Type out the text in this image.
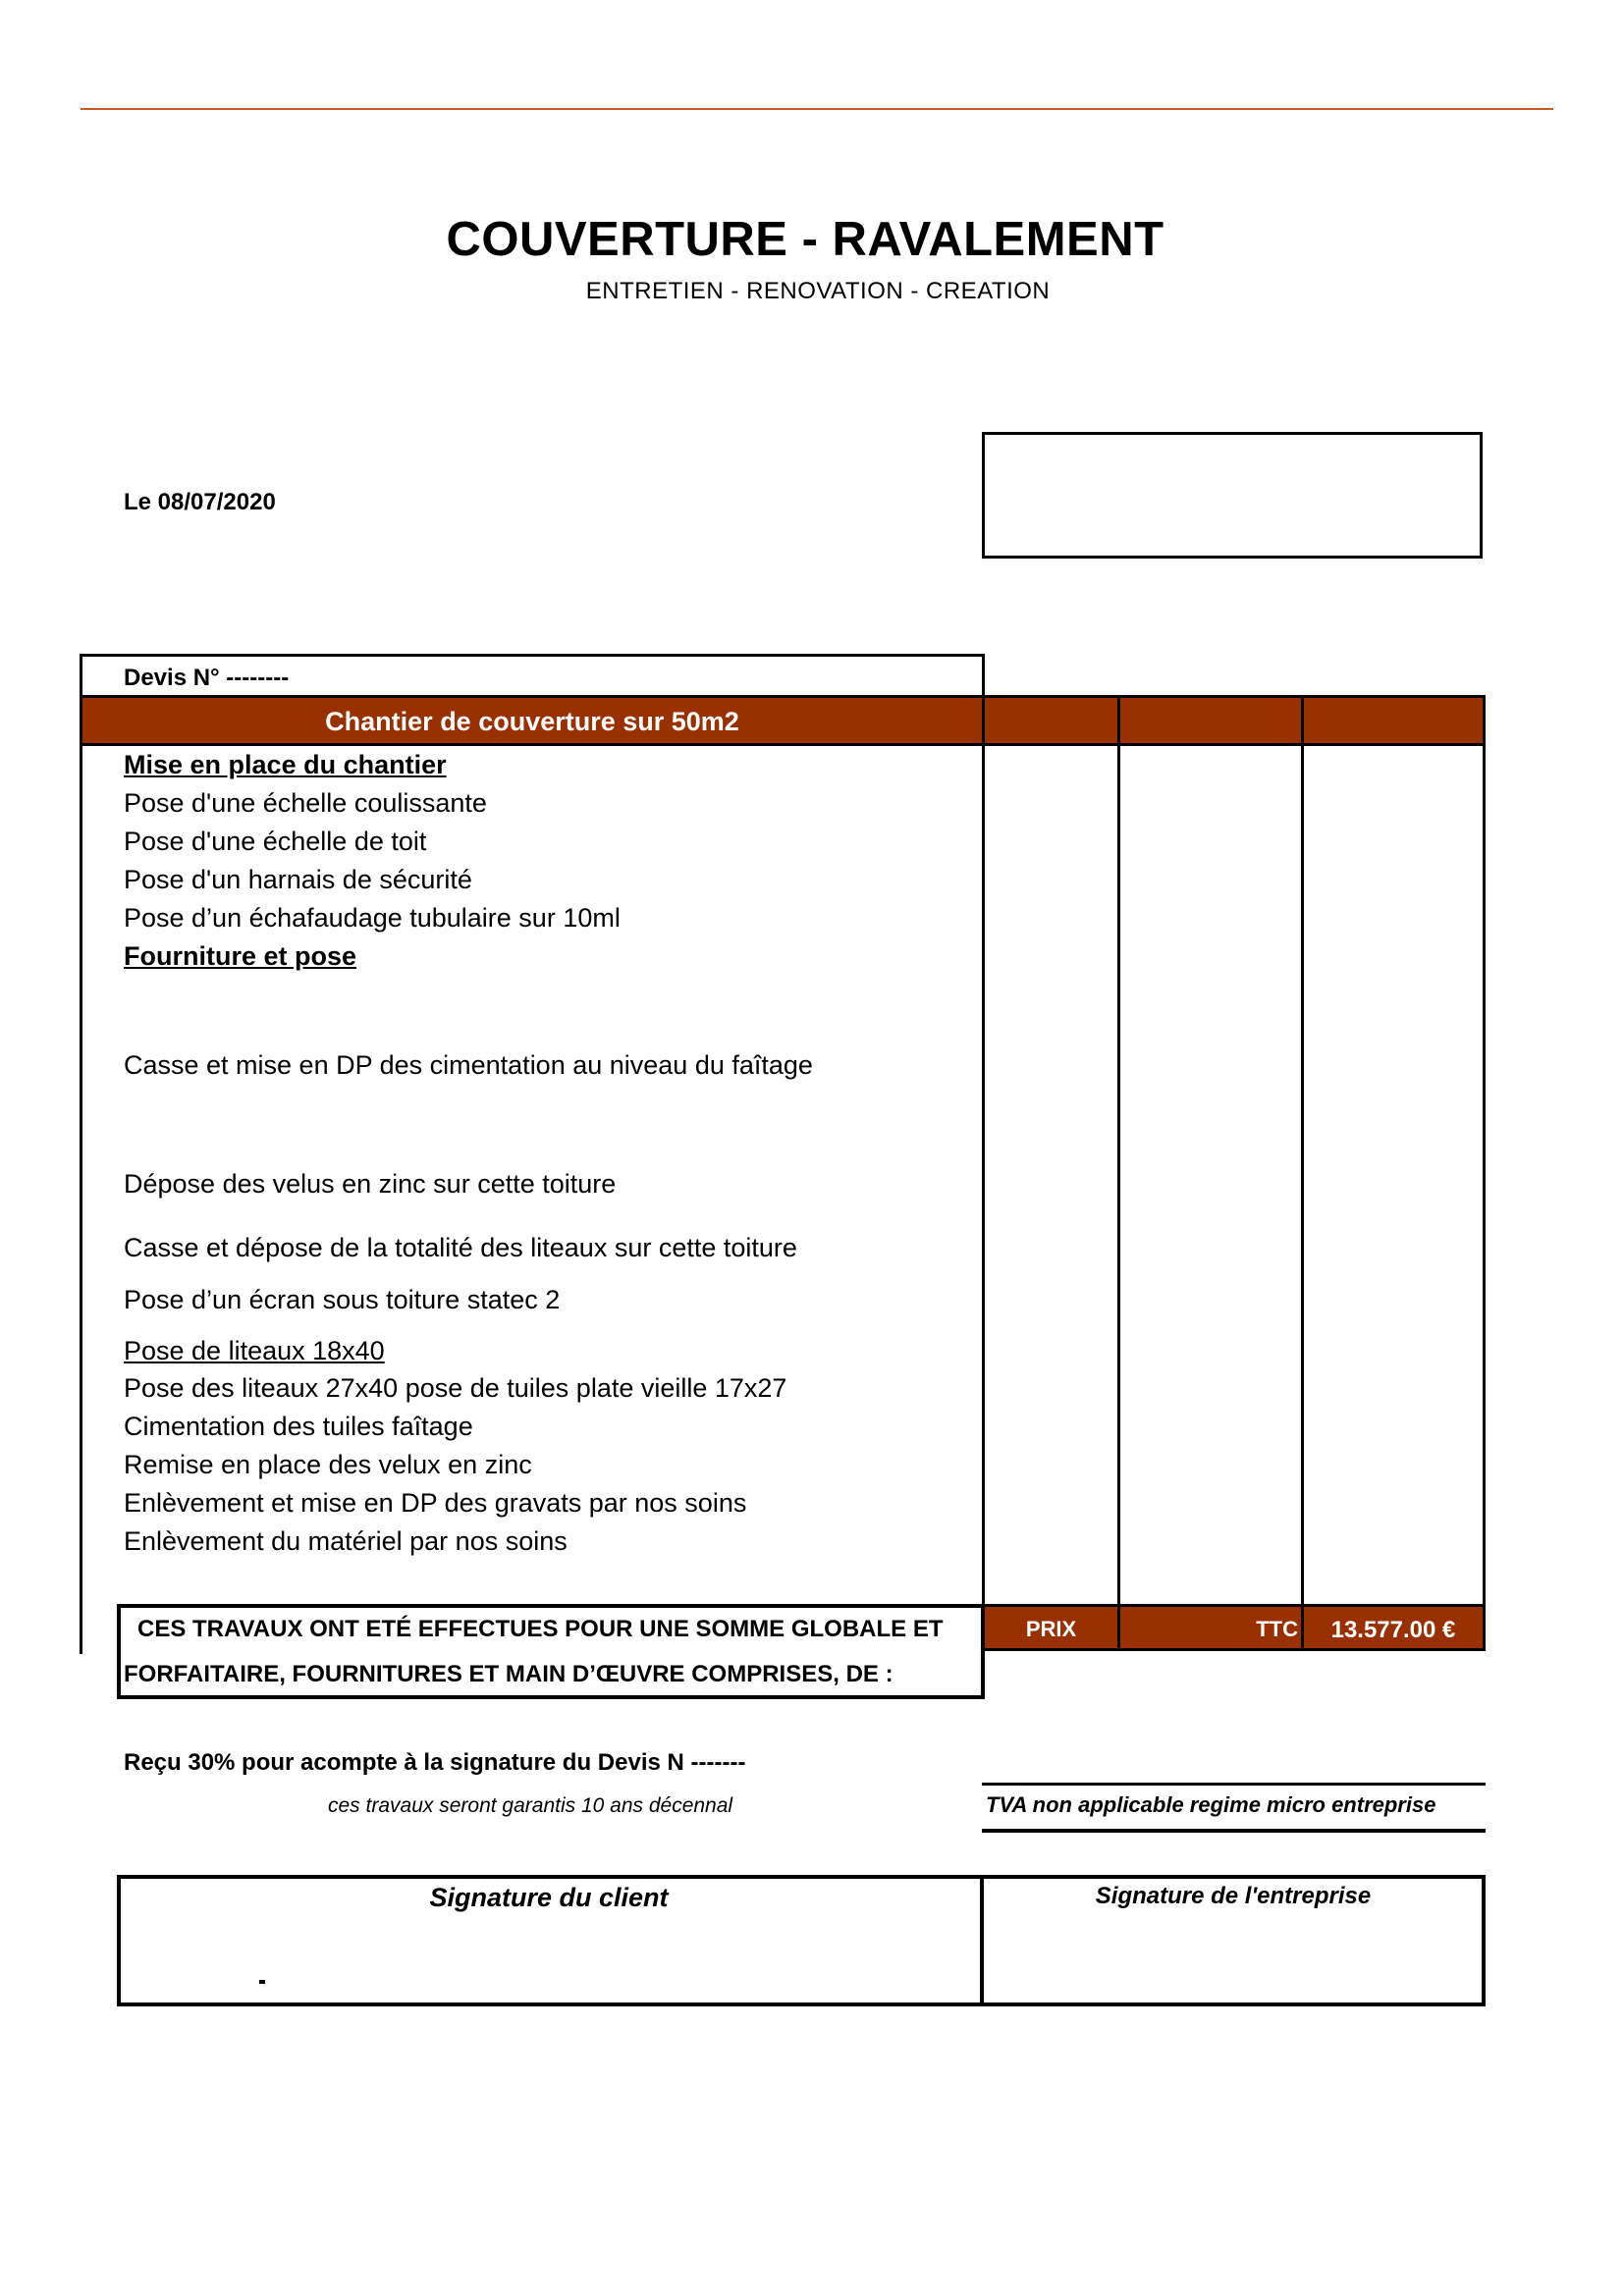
COUVERTURE - RAVALEMENT
ENTRETIEN - RENOVATION - CREATION
Le 08/07/2020
Devis N° --------
Chantier de couverture sur 50m2
Mise en place du chantier
Pose d'une échelle coulissante
Pose d'une échelle de toit
Pose d'un harnais de sécurité
Pose d’un échafaudage tubulaire sur 10ml
Fourniture et pose
Casse et mise en DP des cimentation au niveau du faîtage
Dépose des velus en zinc sur cette toiture
Casse et dépose de la totalité des liteaux sur cette toiture
Pose d’un écran sous toiture statec 2
Pose de liteaux 18x40
Pose des liteaux 27x40 pose de tuiles plate vieille 17x27
Cimentation des tuiles faîtage
Remise en place des velux en zinc
Enlèvement et mise en DP des gravats par nos soins
Enlèvement du matériel par nos soins
PRIX	TTC	13.577.00 €
CES TRAVAUX ONT ETÉ EFFECTUES POUR UNE SOMME GLOBALE ET
FORFAITAIRE, FOURNITURES ET MAIN D’ŒUVRE COMPRISES, DE :
Reçu 30% pour acompte à la signature du Devis N -------
ces travaux seront garantis 10 ans décennal	TVA non applicable regime micro entreprise
Signature du client	Signature de l'entreprise
